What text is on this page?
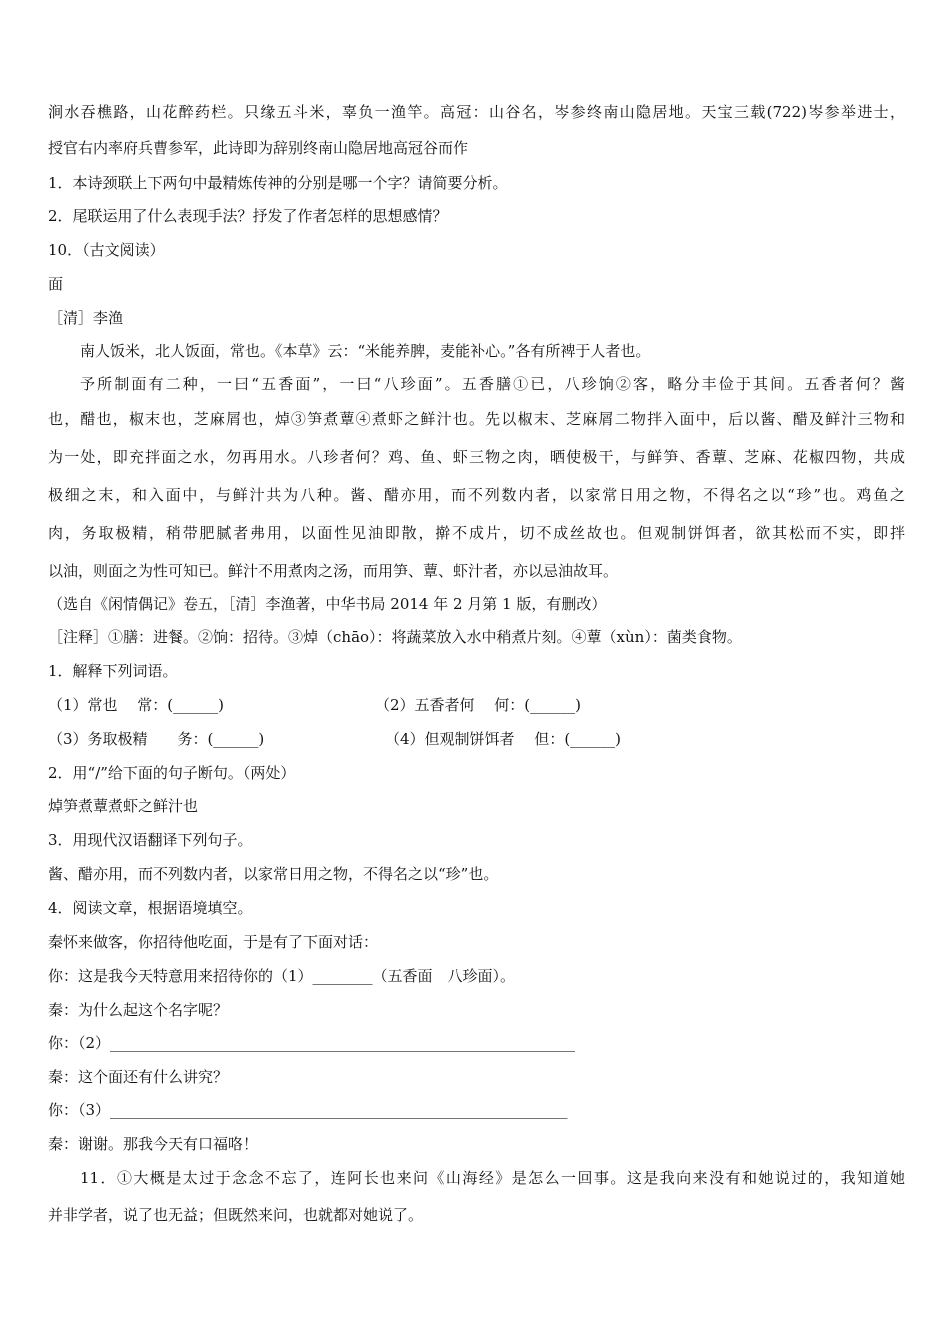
涧水吞樵路，山花醉药栏。只缘五斗米，辜负一渔竿。高冠：山谷名，岑参终南山隐居地。天宝三载(722)岑参举进士，
授官右内率府兵曹参军，此诗即为辞别终南山隐居地高冠谷而作
1．本诗颈联上下两句中最精炼传神的分别是哪一个字？请简要分析。
2．尾联运用了什么表现手法？抒发了作者怎样的思想感情？
10．（古文阅读）
面
［清］李渔
南人饭米，北人饭面，常也。《本草》云：“米能养脾，麦能补心。”各有所裨于人者也。
予所制面有二种，一曰“五香面”，一曰“八珍面”。五香膳①已，八珍饷②客，略分丰俭于其间。五香者何？酱
也，醋也，椒末也，芝麻屑也，焯③笋煮蕈④煮虾之鲜汁也。先以椒末、芝麻屑二物拌入面中，后以酱、醋及鲜汁三物和
为一处，即充拌面之水，勿再用水。八珍者何？鸡、鱼、虾三物之肉，晒使极干，与鲜笋、香蕈、芝麻、花椒四物，共成
极细之末，和入面中，与鲜汁共为八种。酱、醋亦用，而不列数内者，以家常日用之物，不得名之以“珍”也。鸡鱼之
肉，务取极精，稍带肥腻者弗用，以面性见油即散，擀不成片，切不成丝故也。但观制饼饵者，欲其松而不实，即拌
以油，则面之为性可知已。鲜汁不用煮肉之汤，而用笋、蕈、虾汁者，亦以忌油故耳。
（选自《闲情偶记》卷五，［清］李渔著，中华书局 2014 年 2 月第 1 版，有删改）
［注释］①膳：进餐。②饷：招待。③焯（chāo）：将蔬菜放入水中稍煮片刻。④蕈（xùn）：菌类食物。
1．解释下列词语。
（1）常也　 常：(______)	（2）五香者何　 何：(______)
（3）务取极精　　务：(______)	（4）但观制饼饵者　 但：(______)
2．用“/”给下面的句子断句。（两处）
焯笋煮蕈煮虾之鲜汁也
3．用现代汉语翻译下列句子。
酱、醋亦用，而不列数内者，以家常日用之物，不得名之以“珍”也。
4．阅读文章，根据语境填空。
秦怀来做客，你招待他吃面，于是有了下面对话：
你：这是我今天特意用来招待你的（1）________（五香面　八珍面）。
秦：为什么起这个名字呢？
你：（2）______________________________________________________________
秦：这个面还有什么讲究？
你：（3）_____________________________________________________________
秦：谢谢。那我今天有口福咯！
11．①大概是太过于念念不忘了，连阿长也来问《山海经》是怎么一回事。这是我向来没有和她说过的，我知道她
并非学者，说了也无益；但既然来问，也就都对她说了。
